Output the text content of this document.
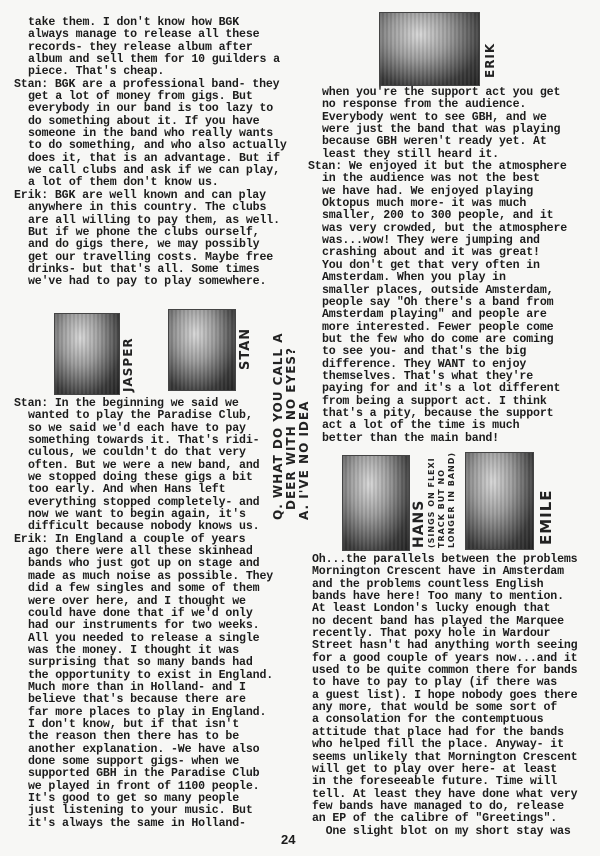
take them. I don't know how BGK
always manage to release all these
records- they release album after
album and sell them for 10 guilders a
piece. That's cheap.
Stan: BGK are a professional band- they
get a lot of money from gigs. But
everybody in our band is too lazy to
do something about it. If you have
someone in the band who really wants
to do something, and who also actually
does it, that is an advantage. But if
we call clubs and ask if we can play,
a lot of them don't know us.
Erik: BGK are well known and can play
anywhere in this country. The clubs
are all willing to pay them, as well.
But if we phone the clubs ourself,
and do gigs there, we may possibly
get our travelling costs. Maybe free
drinks- but that's all. Some times
we've had to pay to play somewhere.
JASPER	STAN
Stan: In the beginning we said we
wanted to play the Paradise Club,
so we said we'd each have to pay
something towards it. That's ridi-
culous, we couldn't do that very
often. But we were a new band, and
we stopped doing these gigs a bit
too early. And when Hans left
everything stopped completely- and
now we want to begin again, it's
difficult because nobody knows us.
Erik: In England a couple of years
ago there were all these skinhead
bands who just got up on stage and
made as much noise as possible. They
did a few singles and some of them
were over here, and I thought we
could have done that if we'd only
had our instruments for two weeks.
All you needed to release a single
was the money. I thought it was
surprising that so many bands had
the opportunity to exist in England.
Much more than in Holland- and I
believe that's because there are
far more places to play in England.
I don't know, but if that isn't
the reason then there has to be
another explanation. -We have also
done some support gigs- when we
supported GBH in the Paradise Club
we played in front of 1100 people.
It's good to get so many people
just listening to your music. But
it's always the same in Holland-
Q. WHAT DO YOU CALL A DEER WITH NO EYES? A. I'VE NO IDEA
ERIK
when you're the support act you get
no response from the audience.
Everybody went to see GBH, and we
were just the band that was playing
because GBH weren't ready yet. At
least they still heard it.
Stan: We enjoyed it but the atmosphere
in the audience was not the best
we have had. We enjoyed playing
Oktopus much more- it was much
smaller, 200 to 300 people, and it
was very crowded, but the atmosphere
was...wow! They were jumping and
crashing about and it was great!
You don't get that very often in
Amsterdam. When you play in
smaller places, outside Amsterdam,
people say "Oh there's a band from
Amsterdam playing" and people are
more interested. Fewer people come
but the few who do come are coming
to see you- and that's the big
difference. They WANT to enjoy
themselves. That's what they're
paying for and it's a lot different
from being a support act. I think
that's a pity, because the support
act a lot of the time is much
better than the main band!
HANS (SINGS ON FLEXI TRACK BUT NO LONGER IN BAND)	EMILE
Oh...the parallels between the problems
Mornington Crescent have in Amsterdam
and the problems countless English
bands have here! Too many to mention.
At least London's lucky enough that
no decent band has played the Marquee
recently. That poxy hole in Wardour
Street hasn't had anything worth seeing
for a good couple of years now...and it
used to be quite common there for bands
to have to pay to play (if there was
a guest list). I hope nobody goes there
any more, that would be some sort of
a consolation for the contemptuous
attitude that place had for the bands
who helped fill the place. Anyway- it
seems unlikely that Mornington Crescent
will get to play over here- at least
in the foreseeable future. Time will
tell. At least they have done what very
few bands have managed to do, release
an EP of the calibre of "Greetings".
One slight blot on my short stay was
24
